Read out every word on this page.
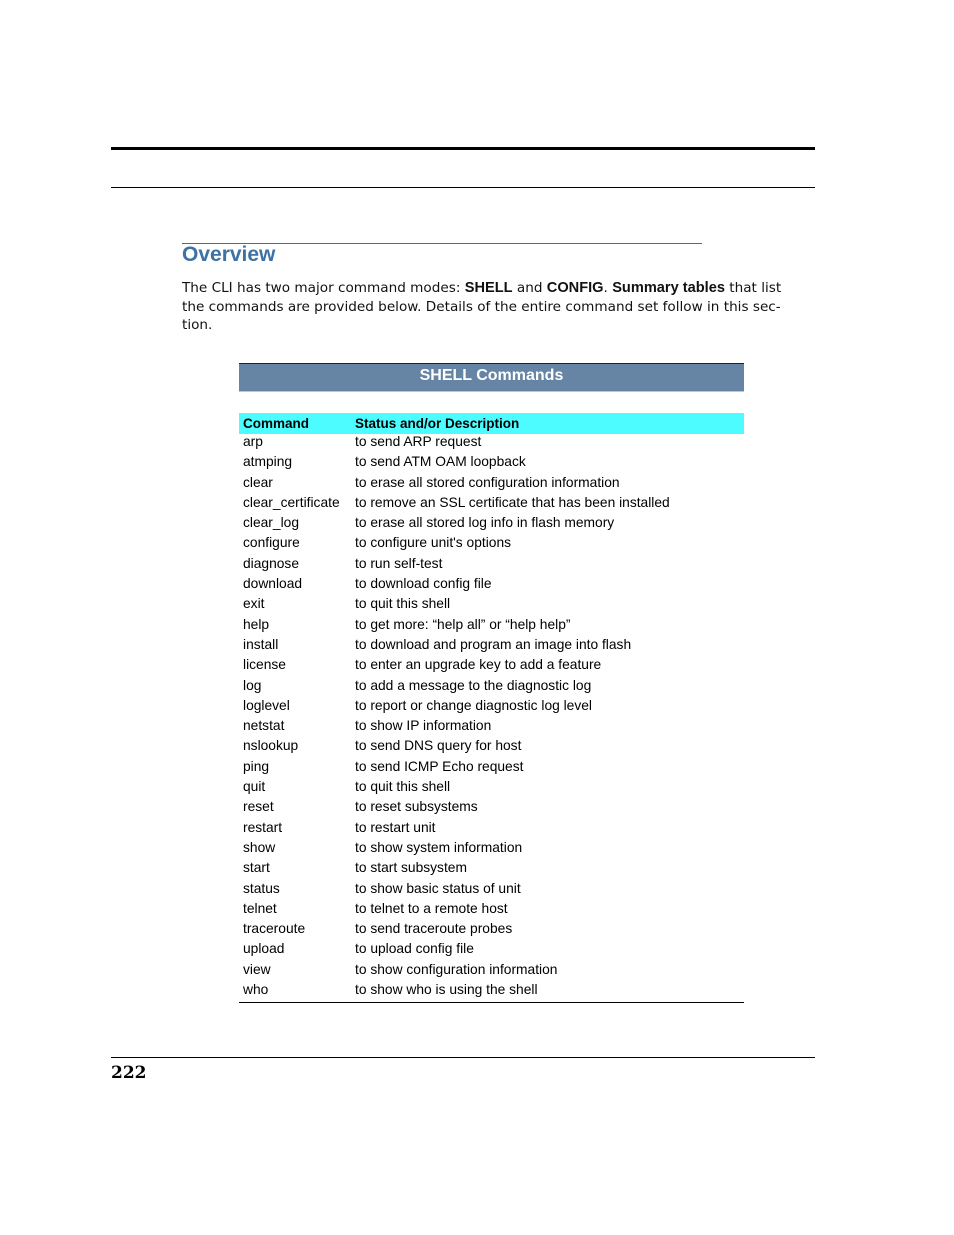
Overview

The CLI has two major command modes: SHELL and CONFIG. Summary tables that list the commands are provided below. Details of the entire command set follow in this sec-tion.

SHELL Commands
Command	Status and/or Description
arp	to send ARP request
atmping	to send ATM OAM loopback
clear	to erase all stored configuration information
clear_certificate to remove an SSL certificate that has been installed
clear_log	to erase all stored log info in flash memory
configure	to configure unit's options
diagnose	to run self-test
download	to download config file
exit	to quit this shell
help	to get more: “help all” or “help help”
install	to download and program an image into flash
license	to enter an upgrade key to add a feature
log	to add a message to the diagnostic log
loglevel	to report or change diagnostic log level
netstat	to show IP information
nslookup	to send DNS query for host
ping	to send ICMP Echo request
quit	to quit this shell
reset	to reset subsystems
restart	to restart unit
show	to show system information
start	to start subsystem
status	to show basic status of unit
telnet	to telnet to a remote host
traceroute	to send traceroute probes
upload	to upload config file
view	to show configuration information
who	to show who is using the shell
222
